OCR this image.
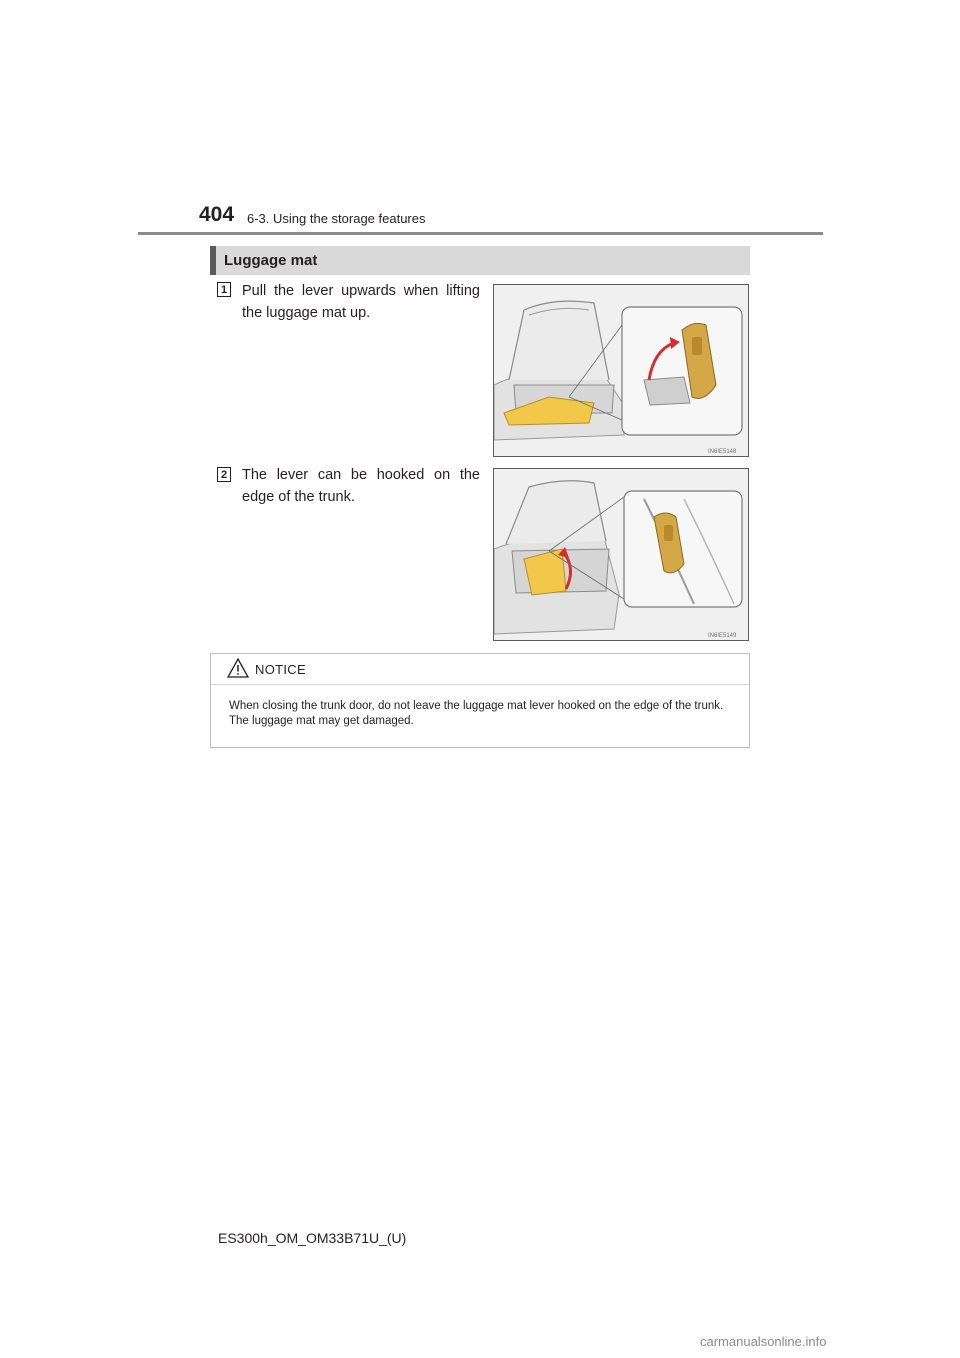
404 6-3. Using the storage features
Luggage mat
1 Pull the lever upwards when lifting the luggage mat up.
IN6IE5148
2 The lever can be hooked on the edge of the trunk.
IN6IE5149
NOTICE
When closing the trunk door, do not leave the luggage mat lever hooked on the edge of the trunk. The luggage mat may get damaged.
ES300h_OM_OM33B71U_(U)
carmanualsonline.info
